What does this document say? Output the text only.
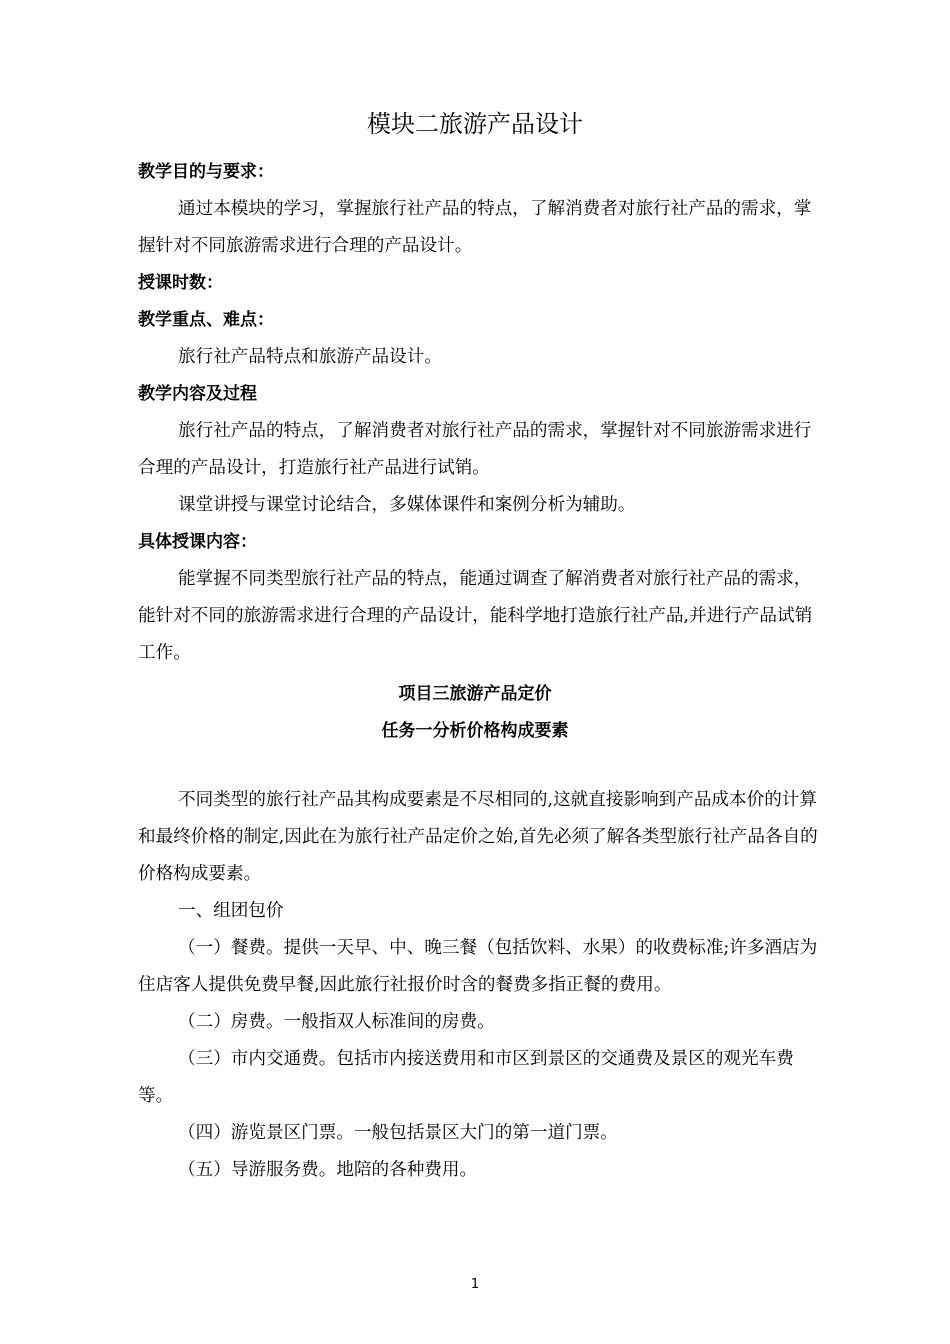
模块二旅游产品设计
教学目的与要求：
通过本模块的学习，掌握旅行社产品的特点，了解消费者对旅行社产品的需求，掌握针对不同旅游需求进行合理的产品设计。
授课时数：
教学重点、难点：
旅行社产品特点和旅游产品设计。
教学内容及过程
旅行社产品的特点，了解消费者对旅行社产品的需求，掌握针对不同旅游需求进行合理的产品设计，打造旅行社产品进行试销。
课堂讲授与课堂讨论结合，多媒体课件和案例分析为辅助。
具体授课内容：
能掌握不同类型旅行社产品的特点，能通过调查了解消费者对旅行社产品的需求，能针对不同的旅游需求进行合理的产品设计，能科学地打造旅行社产品,并进行产品试销工作。
项目三旅游产品定价
任务一分析价格构成要素
不同类型的旅行社产品其构成要素是不尽相同的,这就直接影响到产品成本价的计算和最终价格的制定,因此在为旅行社产品定价之始,首先必须了解各类型旅行社产品各自的价格构成要素。
一、组团包价
（一）餐费。提供一天早、中、晚三餐（包括饮料、水果）的收费标准;许多酒店为住店客人提供免费早餐,因此旅行社报价时含的餐费多指正餐的费用。
（二）房费。一般指双人标准间的房费。
（三）市内交通费。包括市内接送费用和市区到景区的交通费及景区的观光车费等。
（四）游览景区门票。一般包括景区大门的第一道门票。
（五）导游服务费。地陪的各种费用。
1
